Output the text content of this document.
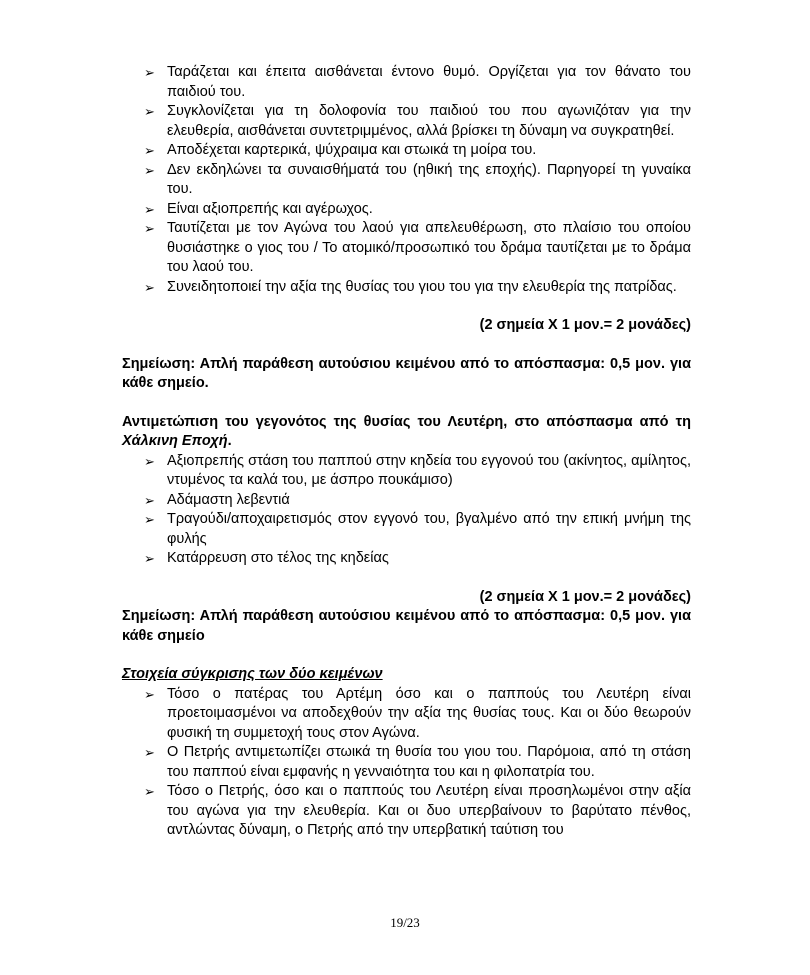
➢ Ταράζεται και έπειτα αισθάνεται έντονο θυμό. Οργίζεται για τον θάνατο του παιδιού του.
➢ Συγκλονίζεται για τη δολοφονία του παιδιού του που αγωνιζόταν για την ελευθερία, αισθάνεται συντετριμμένος, αλλά βρίσκει τη δύναμη να συγκρατηθεί.
➢ Αποδέχεται καρτερικά, ψύχραιμα και στωικά τη μοίρα του.
➢ Δεν εκδηλώνει τα συναισθήματά του (ηθική της εποχής). Παρηγορεί τη γυναίκα του.
➢ Είναι αξιοπρεπής και αγέρωχος.
➢ Ταυτίζεται με τον Αγώνα του λαού για απελευθέρωση, στο πλαίσιο του οποίου θυσιάστηκε ο γιος του / Το ατομικό/προσωπικό του δράμα ταυτίζεται με το δράμα του λαού του.
➢ Συνειδητοποιεί την αξία της θυσίας του γιου του για την ελευθερία της πατρίδας.
(2 σημεία Χ 1 μον.= 2 μονάδες)
Σημείωση: Απλή παράθεση αυτούσιου κειμένου από το απόσπασμα: 0,5 μον. για κάθε σημείο.
Αντιμετώπιση του γεγονότος της θυσίας του Λευτέρη, στο απόσπασμα από τη Χάλκινη Εποχή.
➢ Αξιοπρεπής στάση του παππού στην κηδεία του εγγονού του (ακίνητος, αμίλητος, ντυμένος τα καλά του, με άσπρο πουκάμισο)
➢ Αδάμαστη λεβεντιά
➢ Τραγούδι/αποχαιρετισμός στον εγγονό του, βγαλμένο από την επική μνήμη της φυλής
➢ Κατάρρευση στο τέλος της κηδείας
(2 σημεία Χ 1 μον.= 2 μονάδες)
Σημείωση: Απλή παράθεση αυτούσιου κειμένου από το απόσπασμα: 0,5 μον. για κάθε σημείο
Στοιχεία σύγκρισης των δύο κειμένων
➢ Τόσο ο πατέρας του Αρτέμη όσο και ο παππούς του Λευτέρη είναι προετοιμασμένοι να αποδεχθούν την αξία της θυσίας τους. Και οι δύο θεωρούν φυσική τη συμμετοχή τους στον Αγώνα.
➢ Ο Πετρής αντιμετωπίζει στωικά τη θυσία του γιου του. Παρόμοια, από τη στάση του παππού είναι εμφανής η γενναιότητα του και η φιλοπατρία του.
➢ Τόσο ο Πετρής, όσο και ο παππούς του Λευτέρη είναι προσηλωμένοι στην αξία του αγώνα για την ελευθερία. Και οι δυο υπερβαίνουν το βαρύτατο πένθος, αντλώντας δύναμη, ο Πετρής από την υπερβατική ταύτιση του
19/23
